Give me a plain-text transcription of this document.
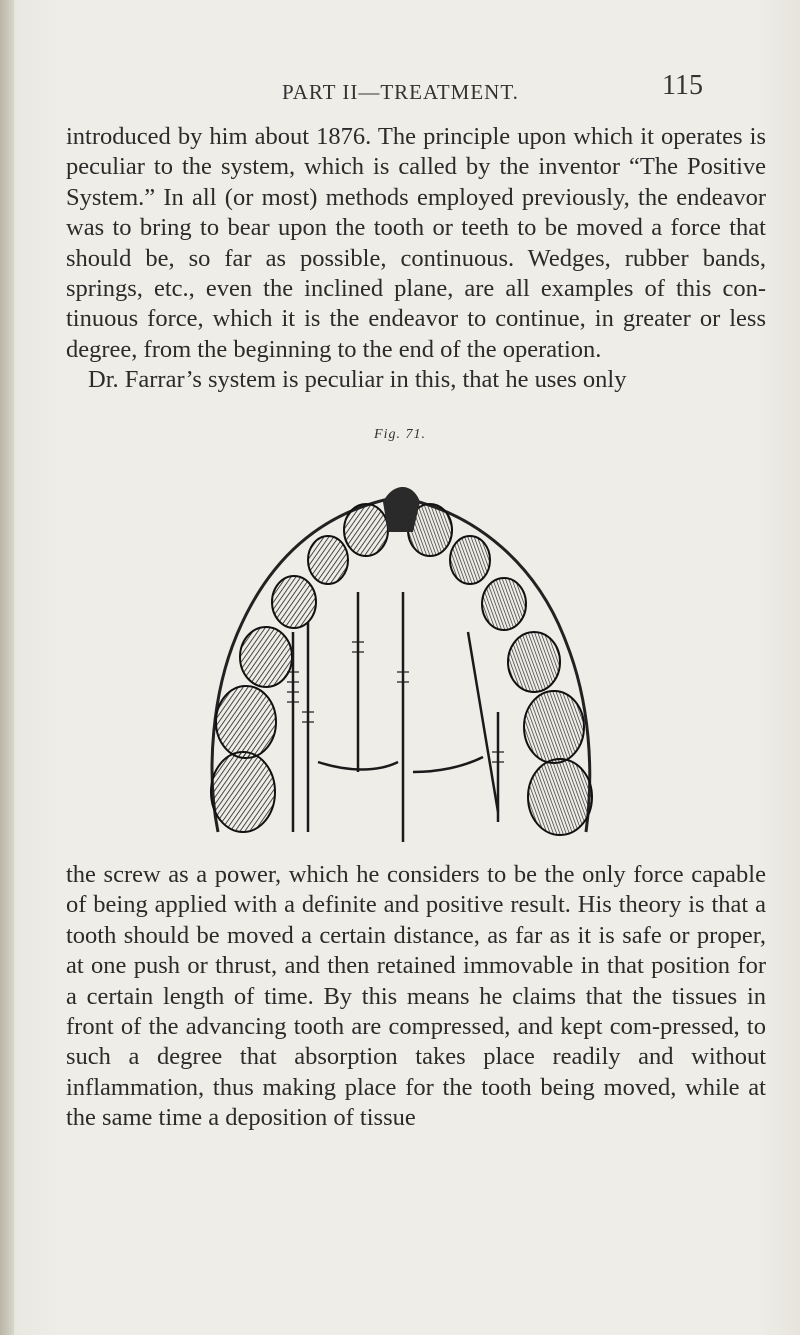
PART II—TREATMENT.	115
introduced by him about 1876. The principle upon which it operates is peculiar to the system, which is called by the inventor “The Positive System.” In all (or most) methods employed previously, the endeavor was to bring to bear upon the tooth or teeth to be moved a force that should be, so far as possible, continuous. Wedges, rubber bands, springs, etc., even the inclined plane, are all examples of this con-tinuous force, which it is the endeavor to continue, in greater or less degree, from the beginning to the end of the operation.
Dr. Farrar’s system is peculiar in this, that he uses only
Fig. 71.
the screw as a power, which he considers to be the only force capable of being applied with a definite and positive result. His theory is that a tooth should be moved a certain distance, as far as it is safe or proper, at one push or thrust, and then retained immovable in that position for a certain length of time. By this means he claims that the tissues in front of the advancing tooth are compressed, and kept com-pressed, to such a degree that absorption takes place readily and without inflammation, thus making place for the tooth being moved, while at the same time a deposition of tissue
